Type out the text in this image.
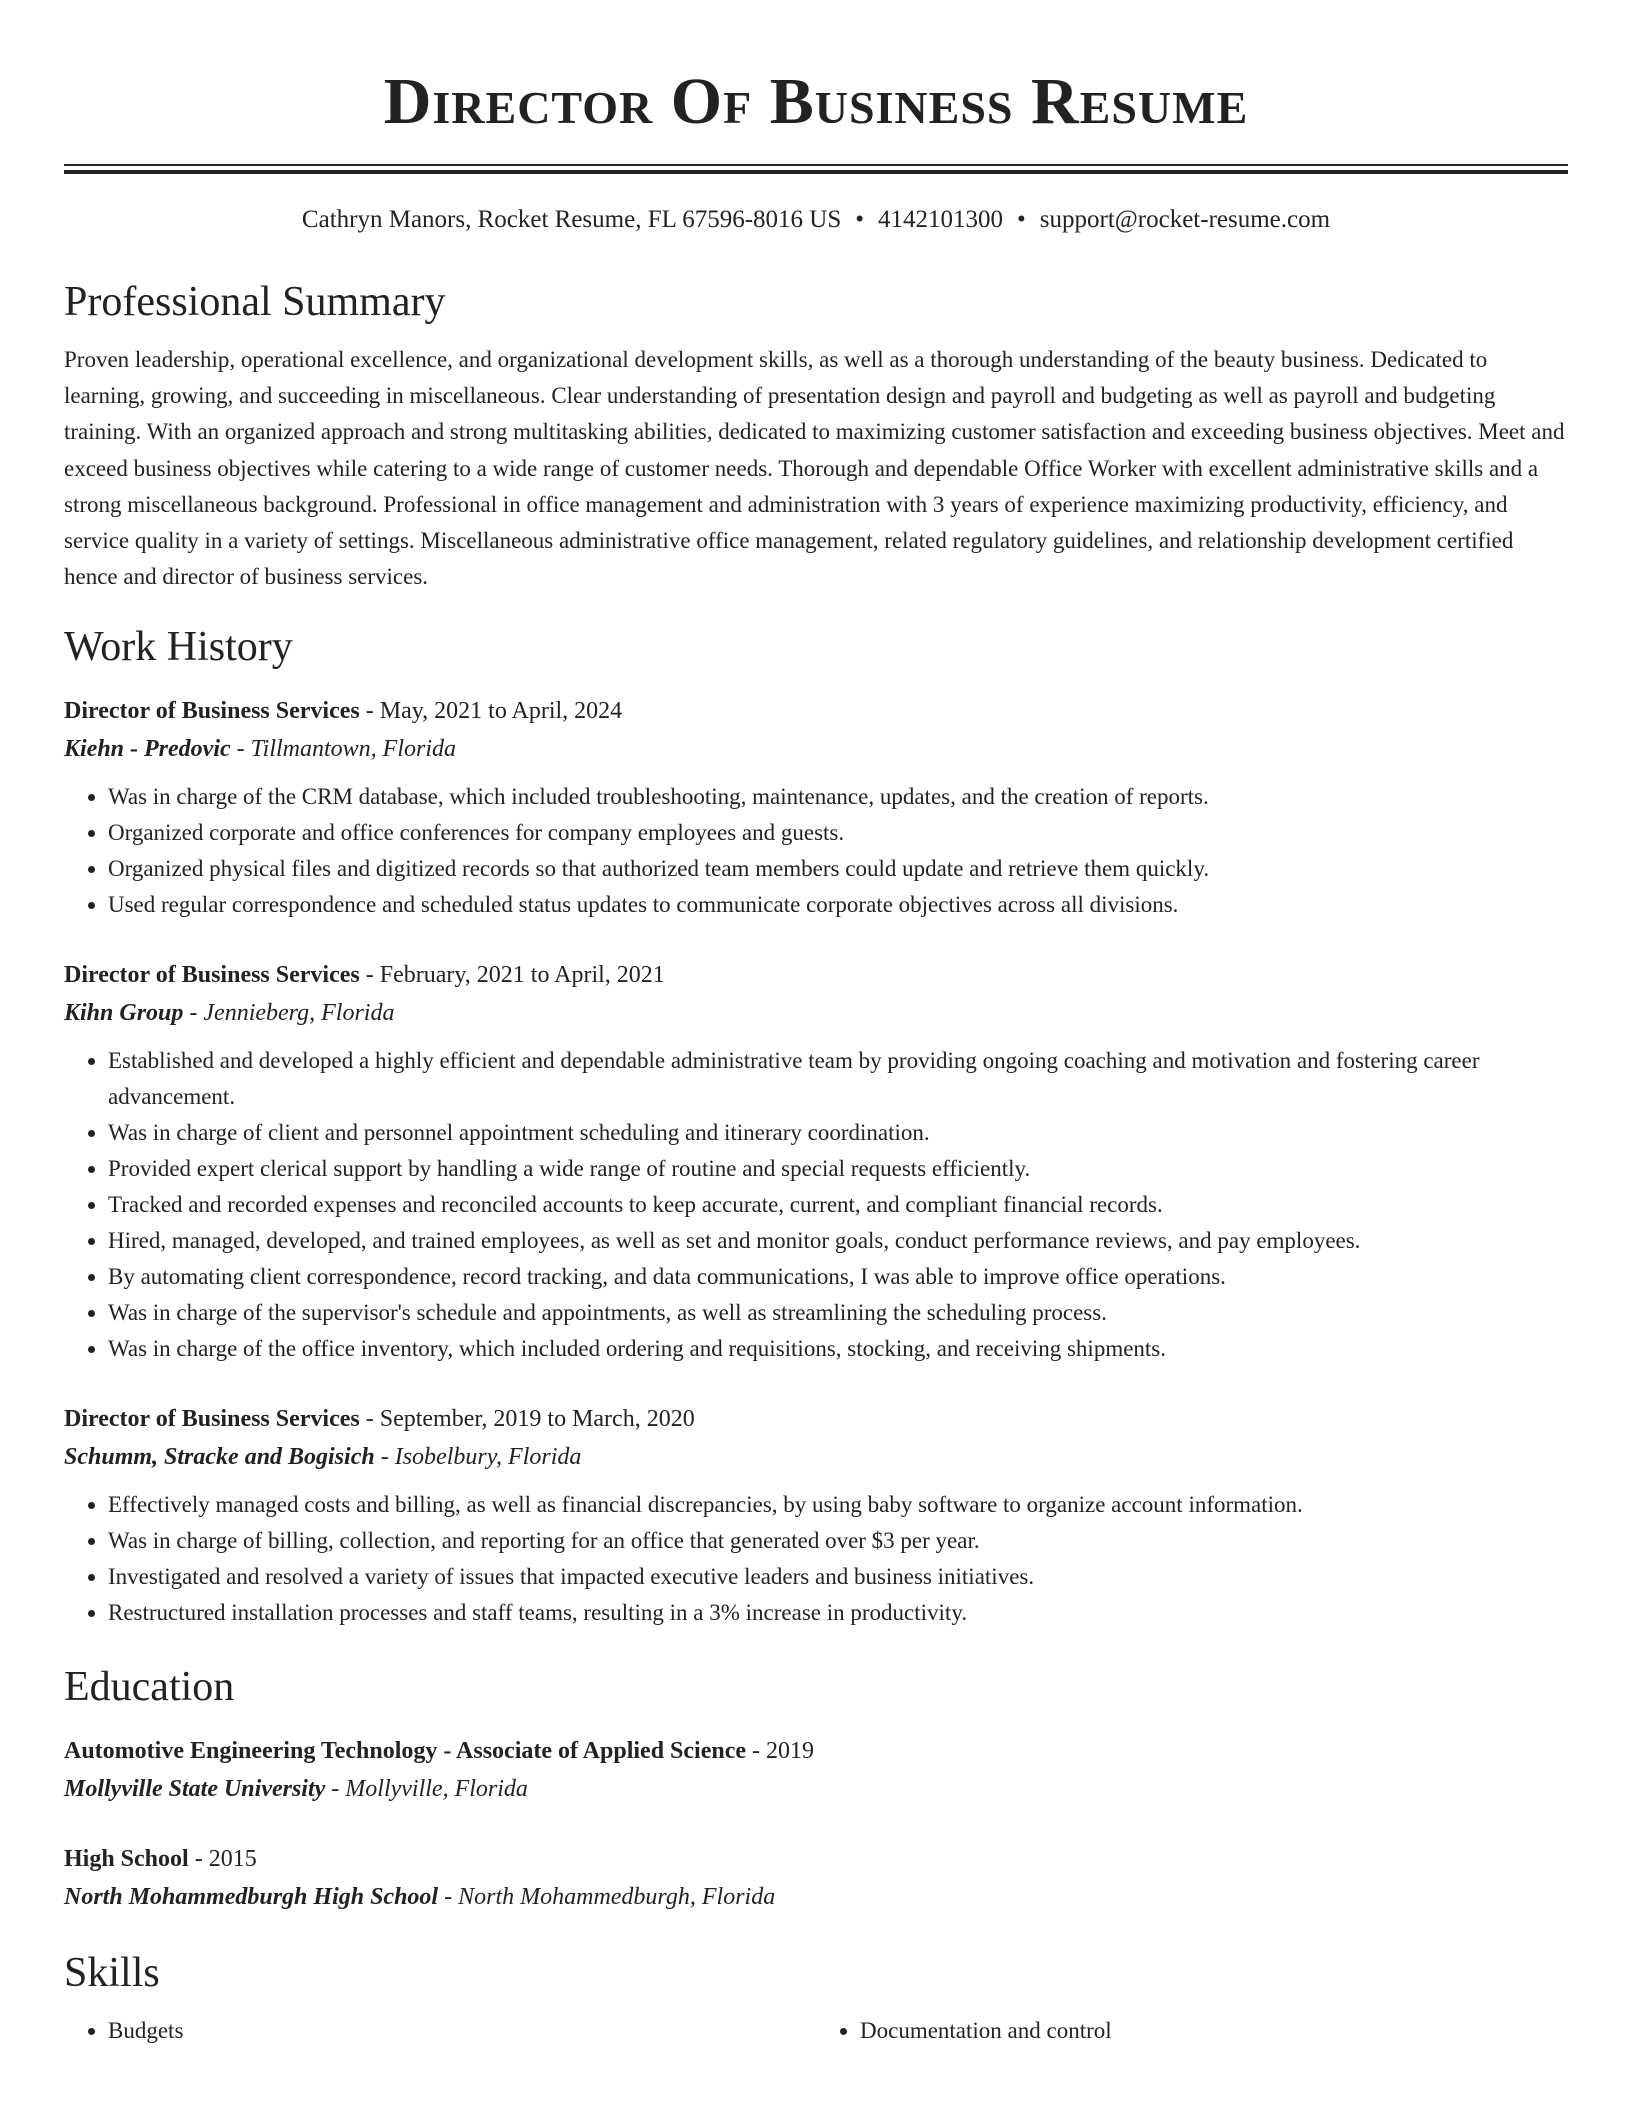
Director Of Business Resume
Cathryn Manors, Rocket Resume, FL 67596-8016 US • 4142101300 • support@rocket-resume.com
Professional Summary

Proven leadership, operational excellence, and organizational development skills, as well as a thorough understanding of the beauty business. Dedicated to learning, growing, and succeeding in miscellaneous. Clear understanding of presentation design and payroll and budgeting as well as payroll and budgeting training. With an organized approach and strong multitasking abilities, dedicated to maximizing customer satisfaction and exceeding business objectives. Meet and exceed business objectives while catering to a wide range of customer needs. Thorough and dependable Office Worker with excellent administrative skills and a strong miscellaneous background. Professional in office management and administration with 3 years of experience maximizing productivity, efficiency, and service quality in a variety of settings. Miscellaneous administrative office management, related regulatory guidelines, and relationship development certified hence and director of business services.

Work History
Director of Business Services - May, 2021 to April, 2024
Kiehn - Predovic - Tillmantown, Florida
• Was in charge of the CRM database, which included troubleshooting, maintenance, updates, and the creation of reports.
• Organized corporate and office conferences for company employees and guests.
• Organized physical files and digitized records so that authorized team members could update and retrieve them quickly.
• Used regular correspondence and scheduled status updates to communicate corporate objectives across all divisions.
Director of Business Services - February, 2021 to April, 2021
Kihn Group - Jennieberg, Florida
• Established and developed a highly efficient and dependable administrative team by providing ongoing coaching and motivation and fostering career advancement.
• Was in charge of client and personnel appointment scheduling and itinerary coordination.
• Provided expert clerical support by handling a wide range of routine and special requests efficiently.
• Tracked and recorded expenses and reconciled accounts to keep accurate, current, and compliant financial records.
• Hired, managed, developed, and trained employees, as well as set and monitor goals, conduct performance reviews, and pay employees.
• By automating client correspondence, record tracking, and data communications, I was able to improve office operations.
• Was in charge of the supervisor's schedule and appointments, as well as streamlining the scheduling process.
• Was in charge of the office inventory, which included ordering and requisitions, stocking, and receiving shipments.
Director of Business Services - September, 2019 to March, 2020
Schumm, Stracke and Bogisich - Isobelbury, Florida
• Effectively managed costs and billing, as well as financial discrepancies, by using baby software to organize account information.
• Was in charge of billing, collection, and reporting for an office that generated over $3 per year.
• Investigated and resolved a variety of issues that impacted executive leaders and business initiatives.
• Restructured installation processes and staff teams, resulting in a 3% increase in productivity.
Education
Automotive Engineering Technology - Associate of Applied Science - 2019
Mollyville State University - Mollyville, Florida
High School - 2015
North Mohammedburgh High School - North Mohammedburgh, Florida
Skills
• Budgets
•	Documentation and control
